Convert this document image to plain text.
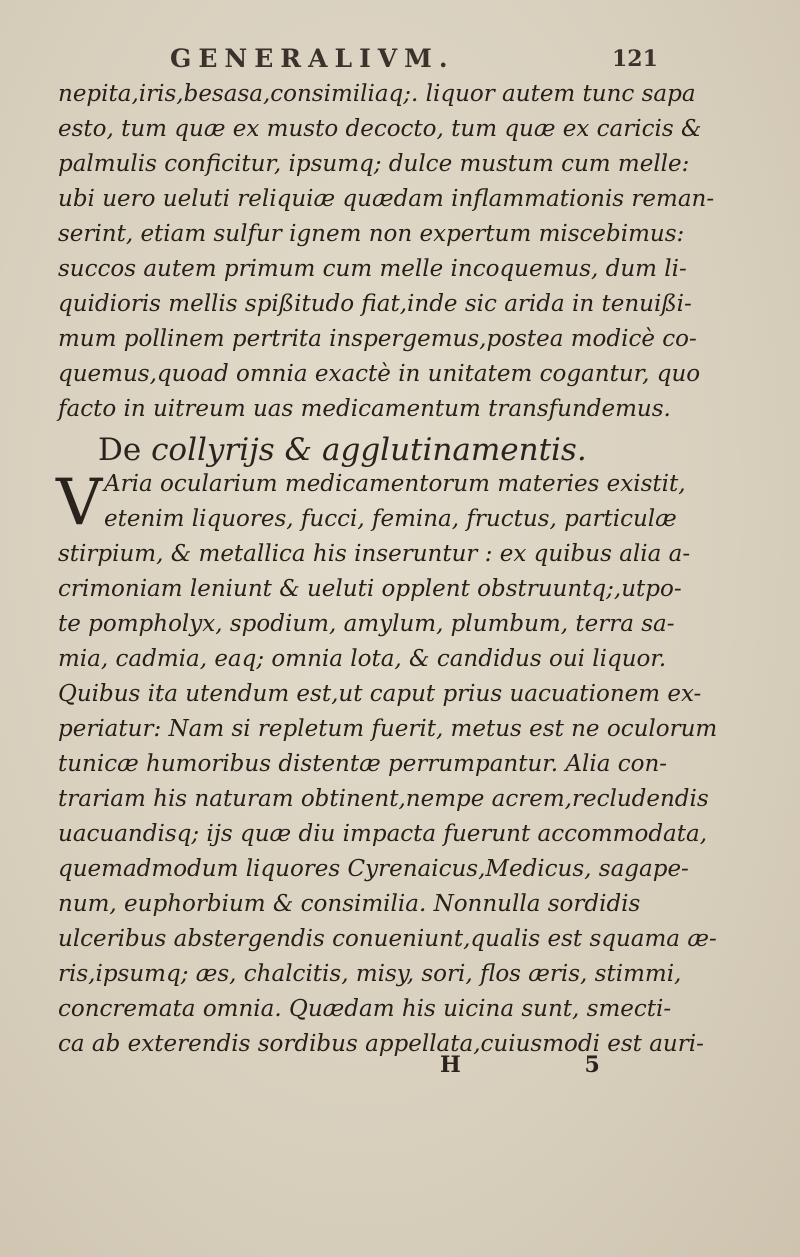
GENERALIVM.	121
nepita,iris,besasa,consimiliaq;. liquor autem tunc sapa
esto, tum quæ ex musto decocto, tum quæ ex caricis &
palmulis conficitur, ipsumq; dulce mustum cum melle:
ubi uero ueluti reliquiæ quædam inflammationis reman-
serint, etiam sulfur ignem non expertum miscebimus:
succos autem primum cum melle incoquemus, dum li-
quidioris mellis spißitudo fiat,inde sic arida in tenuißi-
mum pollinem pertrita inspergemus,postea modicè co-
quemus,quoad omnia exactè in unitatem cogantur, quo
facto in uitreum uas medicamentum transfundemus.
De collyrijs & agglutinamentis.
V Aria ocularium medicamentorum materies existit,
etenim liquores, fucci, femina, fructus, particulæ
stirpium, & metallica his inseruntur : ex quibus alia a-
crimoniam leniunt & ueluti opplent obstruuntq;,utpo-
te pompholyx, spodium, amylum, plumbum, terra sa-
mia, cadmia, eaq; omnia lota, & candidus oui liquor.
Quibus ita utendum est,ut caput prius uacuationem ex-
periatur: Nam si repletum fuerit, metus est ne oculorum
tunicæ humoribus distentæ perrumpantur. Alia con-
trariam his naturam obtinent,nempe acrem,recludendis
uacuandisq; ijs quæ diu impacta fuerunt accommodata,
quemadmodum liquores Cyrenaicus,Medicus, sagape-
num, euphorbium & consimilia. Nonnulla sordidis
ulceribus abstergendis conueniunt,qualis est squama æ-
ris,ipsumq; æs, chalcitis, misy, sori, flos æris, stimmi,
concremata omnia. Quædam his uicina sunt, smecti-
ca ab exterendis sordibus appellata,cuiusmodi est auri-
H 5
